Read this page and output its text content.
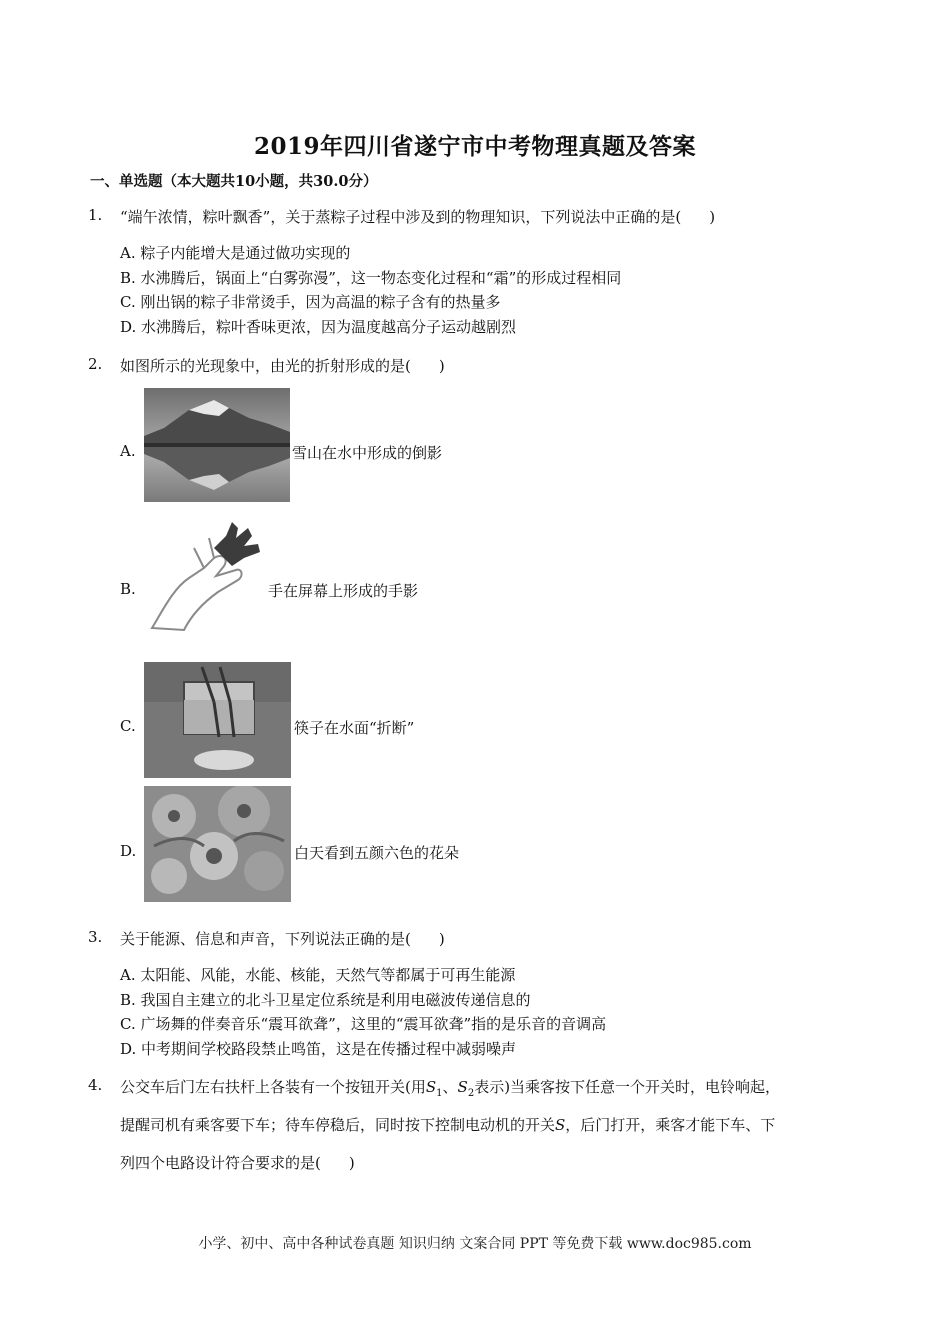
2019年四川省遂宁市中考物理真题及答案
一、单选题（本大题共10小题，共30.0分）
1. “端午浓情，粽叶飘香”，关于蒸粽子过程中涉及到的物理知识，下列说法中正确的是( )
A. 粽子内能增大是通过做功实现的
B. 水沸腾后，锅面上“白雾弥漫”，这一物态变化过程和“霜”的形成过程相同
C. 刚出锅的粽子非常烫手，因为高温的粽子含有的热量多
D. 水沸腾后，粽叶香味更浓，因为温度越高分子运动越剧烈
2. 如图所示的光现象中，由光的折射形成的是( )
A.	雪山在水中形成的倒影
B.	手在屏幕上形成的手影
C.	筷子在水面“折断”
D.	白天看到五颜六色的花朵
3. 关于能源、信息和声音，下列说法正确的是( )
A. 太阳能、风能，水能、核能，天然气等都属于可再生能源
B. 我国自主建立的北斗卫星定位系统是利用电磁波传递信息的
C. 广场舞的伴奏音乐“震耳欲聋”，这里的“震耳欲聋”指的是乐音的音调高
D. 中考期间学校路段禁止鸣笛，这是在传播过程中减弱噪声
4. 公交车后门左右扶杆上各装有一个按钮开关(用$S_1$、$S_2$表示)当乘客按下任意一个开关时，电铃响起，
提醒司机有乘客要下车；待车停稳后，同时按下控制电动机的开关S，后门打开，乘客才能下车、下
列四个电路设计符合要求的是( )
小学、初中、高中各种试卷真题 知识归纳 文案合同 PPT 等免费下载 www.doc985.com
